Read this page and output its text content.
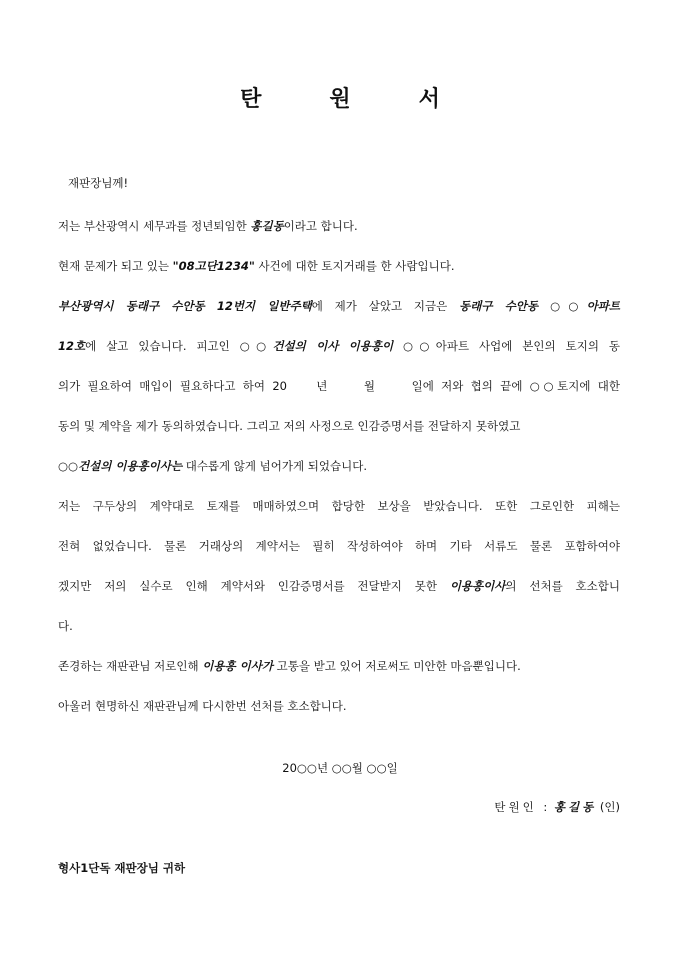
탄	원	서
재판장님께!
저는 부산광역시 세무과를 정년퇴임한 홍길동이라고 합니다.
현재 문제가 되고 있는 "08고단1234" 사건에 대한 토지거래를 한 사람입니다.
부산광역시 동래구 수안동 12번지 일반주택에 제가 살았고 지금은 동래구 수안동 ○○아파트
12호에 살고 있습니다. 피고인 ○○건설의 이사 이용흥이 ○○아파트 사업에 본인의 토지의 동
의가 필요하여 매입이 필요하다고 하여 20    년     월     일에 저와 협의 끝에 ○○토지에 대한
동의 및 계약을 제가 동의하였습니다. 그리고 저의 사정으로 인감증명서를 전달하지 못하였고
○○건설의 이용흥이사는 대수롭게 않게 넘어가게 되었습니다.
저는 구두상의 계약대로 토재를 매매하였으며 합당한 보상을 받았습니다. 또한 그로인한 피해는
전혀 없었습니다. 물론 거래상의 계약서는 필히 작성하여야 하며 기타 서류도 물론 포함하여야
겠지만 저의 실수로 인해 계약서와 인감증명서를 전달받지 못한 이용흥이사의 선처를 호소합니
다.
존경하는 재판관님 저로인해 이용흥 이사가 고통을 받고 있어 저로써도 미안한 마음뿐입니다.
아울러 현명하신 재판관님께 다시한번 선처를 호소합니다.
20○○년 ○○월 ○○일
탄원인 : 홍길동 (인)
형사1단독 재판장님 귀하
